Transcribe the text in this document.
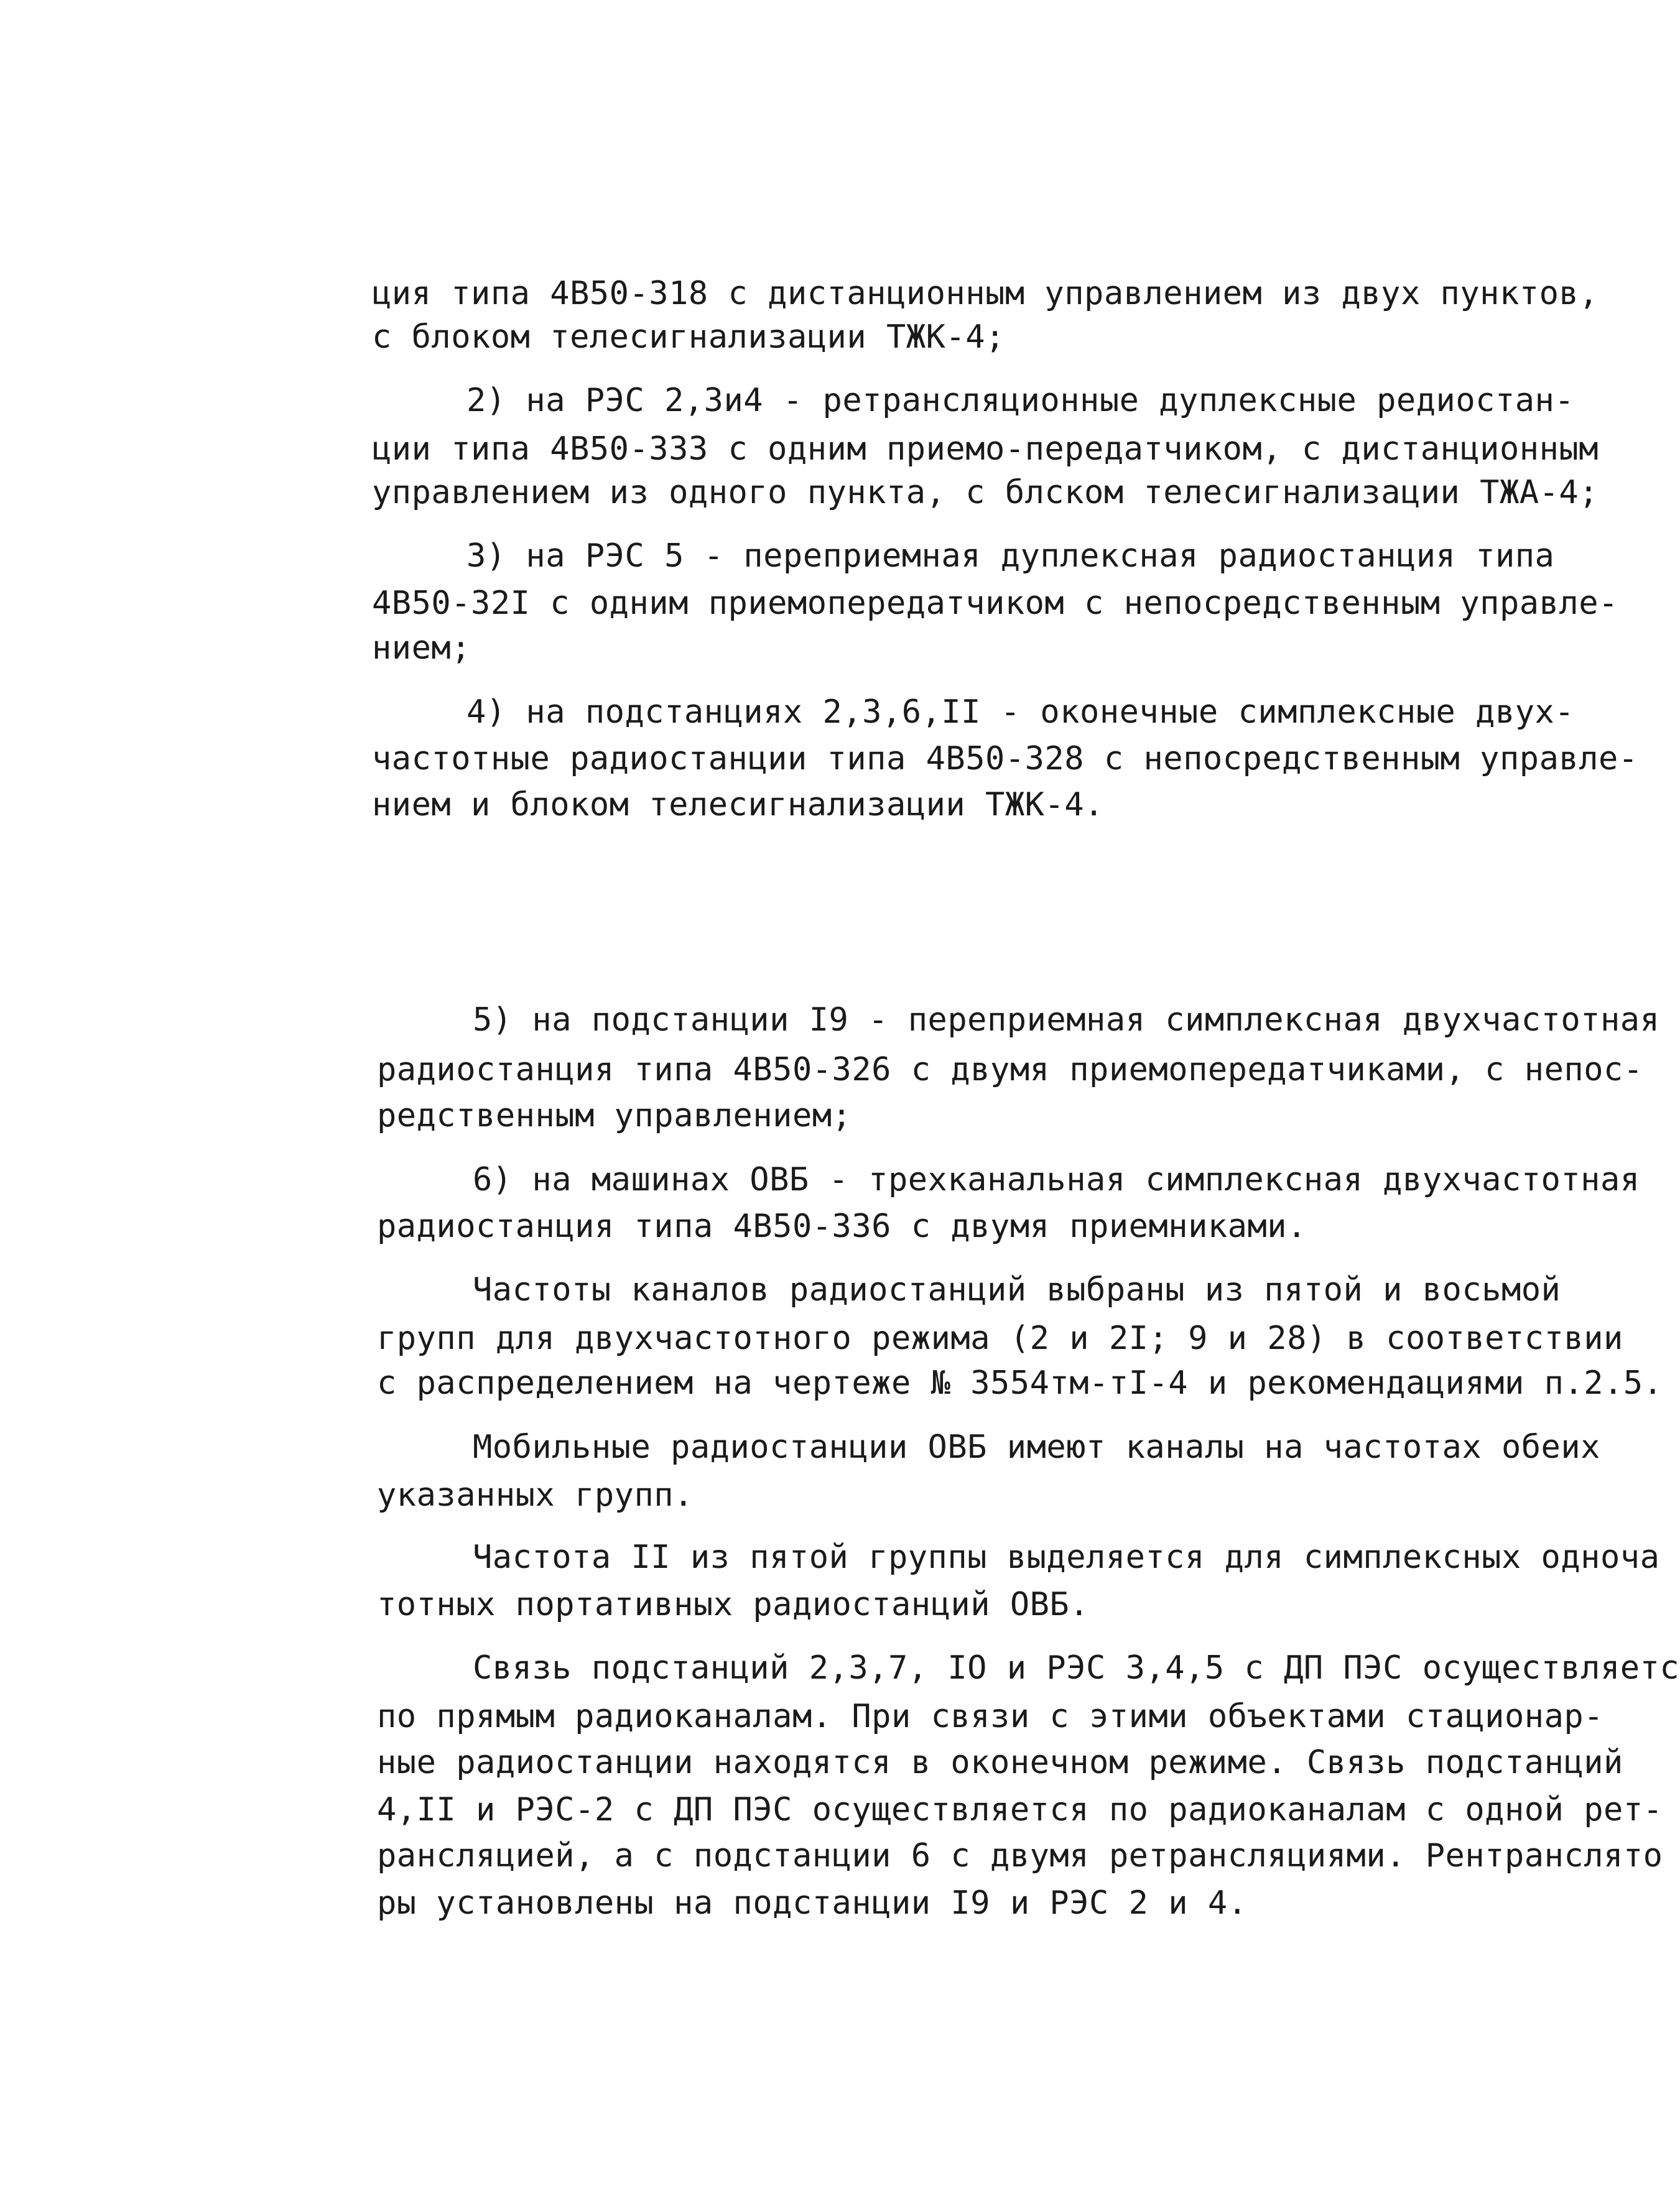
ция типа 4В50-318 с дистанционным управлением из двух пунктов,
с блоком телесигнализации ТЖК-4;
2) на РЭС 2,3и4 - ретрансляционные дуплексные редиостан-
ции типа 4В50-333 с одним приемо-передатчиком, с дистанционным
управлением из одного пункта, с блском телесигнализации ТЖА-4;
3) на РЭС 5 - переприемная дуплексная радиостанция типа
4В50-32I с одним приемопередатчиком с непосредственным управле-
нием;
4) на подстанциях 2,3,6,II - оконечные симплексные двух-
частотные радиостанции типа 4В50-328 с непосредственным управле-
нием и блоком телесигнализации ТЖК-4.
5) на подстанции I9 - переприемная симплексная двухчастотная
радиостанция типа 4В50-326 с двумя приемопередатчиками, с непос-
редственным управлением;
6) на машинах ОВБ - трехканальная симплексная двухчастотная
радиостанция типа 4В50-336 с двумя приемниками.
Частоты каналов радиостанций выбраны из пятой и восьмой
групп для двухчастотного режима (2 и 2I; 9 и 28) в соответствии
с распределением на чертеже № 3554тм-тI-4 и рекомендациями п.2.5.
Мобильные радиостанции ОВБ имеют каналы на частотах обеих
указанных групп.
Частота II из пятой группы выделяется для симплексных одноча
тотных портативных радиостанций ОВБ.
Связь подстанций 2,3,7, IO и РЭС 3,4,5 с ДП ПЭС осуществляетс
по прямым радиоканалам. При связи с этими объектами стационар-
ные радиостанции находятся в оконечном режиме. Связь подстанций
4,II и РЭС-2 с ДП ПЭС осуществляется по радиоканалам с одной рет-
рансляцией, а с подстанции 6 с двумя ретрансляциями. Рентранслято
ры установлены на подстанции I9 и РЭС 2 и 4.
